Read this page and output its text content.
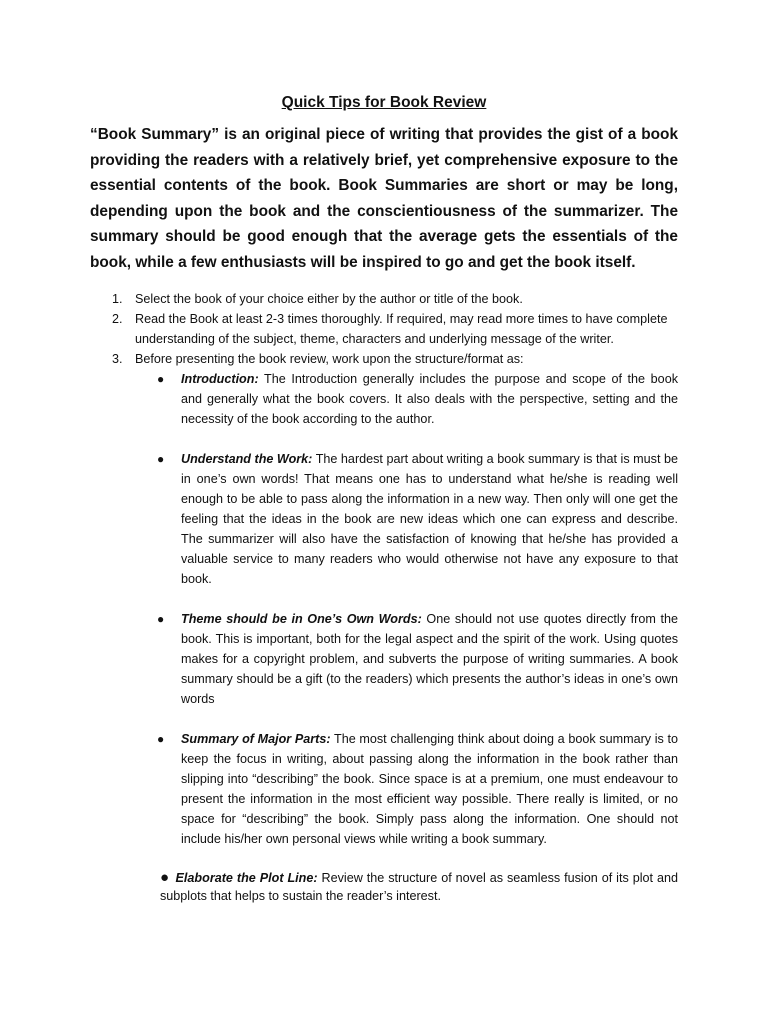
Quick Tips for Book Review

“Book Summary” is an original piece of writing that provides the gist of a book providing the readers with a relatively brief, yet comprehensive exposure to the essential contents of the book. Book Summaries are short or may be long, depending upon the book and the conscientiousness of the summarizer. The summary should be good enough that the average gets the essentials of the book, while a few enthusiasts will be inspired to go and get the book itself.

1. Select the book of your choice either by the author or title of the book.
2. Read the Book at least 2-3 times thoroughly. If required, may read more times to have complete understanding of the subject, theme, characters and underlying message of the writer.
3. Before presenting the book review, work upon the structure/format as:
● Introduction: The Introduction generally includes the purpose and scope of the book and generally what the book covers. It also deals with the perspective, setting and the necessity of the book according to the author.
● Understand the Work: The hardest part about writing a book summary is that is must be in one’s own words! That means one has to understand what he/she is reading well enough to be able to pass along the information in a new way. Then only will one get the feeling that the ideas in the book are new ideas which one can express and describe. The summarizer will also have the satisfaction of knowing that he/she has provided a valuable service to many readers who would otherwise not have any exposure to that book.
● Theme should be in One’s Own Words: One should not use quotes directly from the book. This is important, both for the legal aspect and the spirit of the work. Using quotes makes for a copyright problem, and subverts the purpose of writing summaries. A book summary should be a gift (to the readers) which presents the author’s ideas in one’s own words
● Summary of Major Parts: The most challenging think about doing a book summary is to keep the focus in writing, about passing along the information in the book rather than slipping into “describing” the book. Since space is at a premium, one must endeavour to present the information in the most efficient way possible. There really is limited, or no space for “describing” the book. Simply pass along the information. One should not include his/her own personal views while writing a book summary.

● Elaborate the Plot Line: Review the structure of novel as seamless fusion of its plot and subplots that helps to sustain the reader’s interest.
